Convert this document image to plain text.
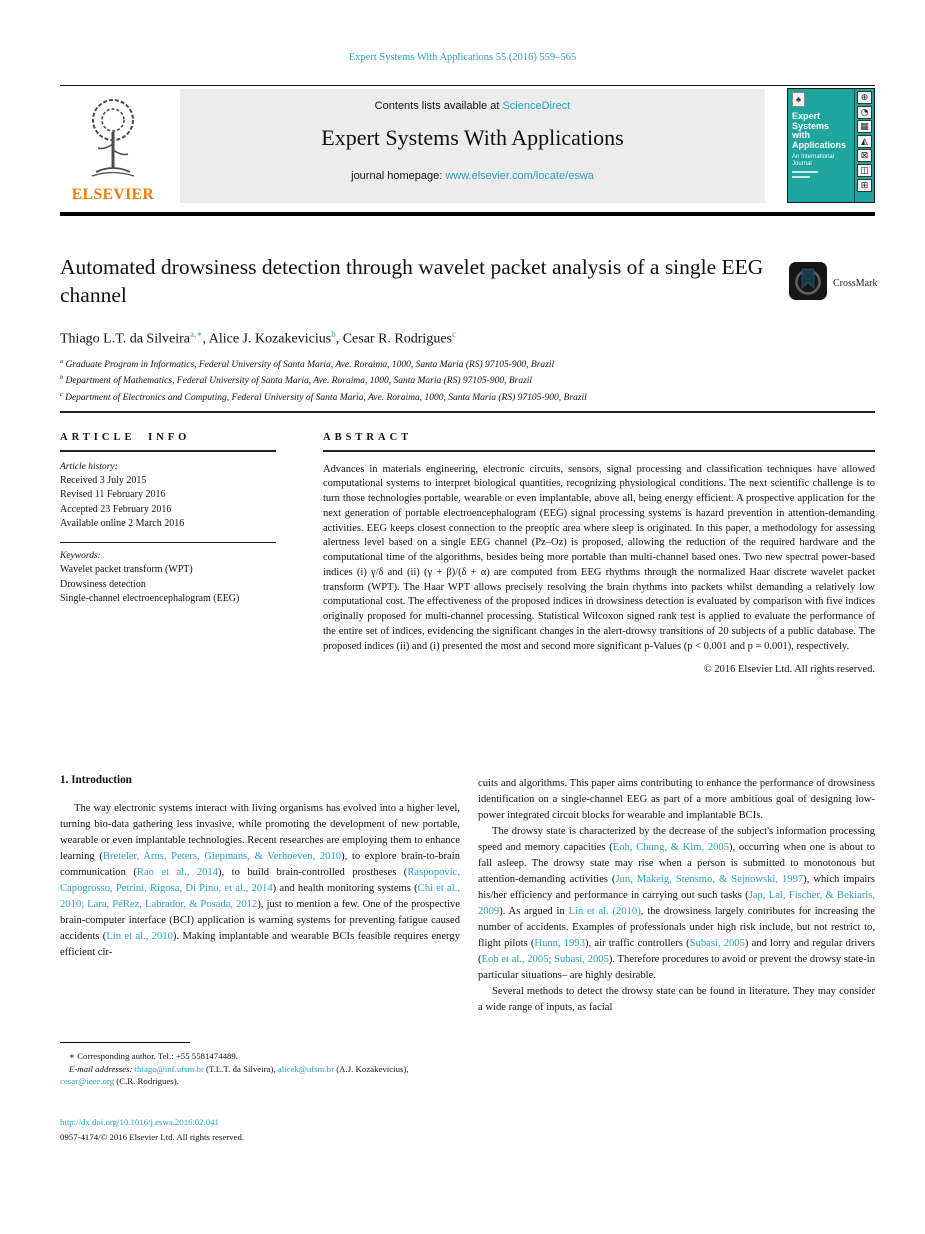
Expert Systems With Applications 55 (2016) 559–565
ELSEVIER
Contents lists available at ScienceDirect
Expert Systems With Applications
journal homepage: www.elsevier.com/locate/eswa
♣
Expert
Systems
with
Applications
An International Journal
⊕
◔
▦
◭
⊠
◫
⊞
Automated drowsiness detection through wavelet packet analysis of a single EEG channel	CrossMark
Thiago L.T. da Silveira$^{a,∗}$, Alice J. Kozakevicius$^b$, Cesar R. Rodrigues$^c$
$^a$ Graduate Program in Informatics, Federal University of Santa Maria, Ave. Roraima, 1000, Santa Maria (RS) 97105-900, Brazil
$^b$ Department of Mathematics, Federal University of Santa Maria, Ave. Roraima, 1000, Santa Maria (RS) 97105-900, Brazil
$^c$ Department of Electronics and Computing, Federal University of Santa Maria, Ave. Roraima, 1000, Santa Maria (RS) 97105-900, Brazil
ARTICLE INFO
Article history:
Received 3 July 2015
Revised 11 February 2016
Accepted 23 February 2016
Available online 2 March 2016
Keywords:
Wavelet packet transform (WPT)
Drowsiness detection
Single-channel electroencephalogram (EEG)
ABSTRACT
Advances in materials engineering, electronic circuits, sensors, signal processing and classification techniques have allowed computational systems to interpret biological quantities, recognizing physiological conditions. The next scientific challenge is to turn those technologies portable, wearable or even implantable, above all, being energy efficient. A prospective application for the next generation of portable electroencephalogram (EEG) signal processing systems is hazard prevention in attention-demanding activities. EEG keeps closest connection to the preoptic area where sleep is originated. In this paper, a methodology for assessing alertness level based on a single EEG channel (Pz–Oz) is proposed, allowing the reduction of the required hardware and the computational time of the algorithms, besides being more portable than multi-channel based ones. Two new spectral power-based indices (i) γ/δ and (ii) (γ + β)/(δ + α) are computed from EEG rhythms through the normalized Haar discrete wavelet packet transform (WPT). The Haar WPT allows precisely resolving the brain rhythms into packets whilst demanding a relatively low computational cost. The effectiveness of the proposed indices in drowsiness detection is evaluated by comparison with five indices originally proposed for multi-channel processing. Statistical Wilcoxon signed rank test is applied to evaluate the performance of the entire set of indices, evidencing the significant changes in the alert-drowsy transitions of 20 subjects of a public database. The proposed indices (ii) and (i) presented the most and second more significant p-Values (p < 0.001 and p = 0.001), respectively.
© 2016 Elsevier Ltd. All rights reserved.
1. Introduction

The way electronic systems interact with living organisms has evolved into a higher level, turning bio-data gathering less invasive, while promoting the development of new portable, wearable or even implantable technologies. Recent researches are employing them to enhance learning (Breteler, Arns, Peters, Giepmans, & Verhoeven, 2010), to explore brain-to-brain communication (Rao et al., 2014), to build brain-controlled prostheses (Raspopovic, Capogrosso, Petrini, Rigosa, Di Pino, et al., 2014) and health monitoring systems (Chi et al., 2010; Lara, PéRez, Labrador, & Posada, 2012), just to mention a few. One of the prospective brain-computer interface (BCI) application is warning systems for preventing fatigue caused accidents (Lin et al., 2010). Making implantable and wearable BCIs feasible requires energy efficient cir-

cuits and algorithms. This paper aims contributing to enhance the performance of drowsiness identification on a single-channel EEG as part of a more ambitious goal of designing low-power integrated circuit blocks for wearable and implantable BCIs.

The drowsy state is characterized by the decrease of the subject's information processing speed and memory capacities (Eoh, Chung, & Kim, 2005), occurring when one is about to fall asleep. The drowsy state may rise when a person is submitted to monotonous but attention-demanding activities (Jun, Makeig, Stensmo, & Sejnowski, 1997), which impairs his/her efficiency and performance in carrying out such tasks (Jap, Lal, Fischer, & Bekiaris, 2009). As argued in Lin et al. (2010), the drowsiness largely contributes for increasing the number of accidents. Examples of professionals under high risk include, but not restrict to, flight pilots (Hunn, 1993), air traffic controllers (Subasi, 2005) and lorry and regular drivers (Eoh et al., 2005; Subasi, 2005). Therefore procedures to avoid or prevent the drowsy state-in particular situations– are highly desirable.

Several methods to detect the drowsy state can be found in literature. They may consider a wide range of inputs, as facial

∗ Corresponding author. Tel.: +55 5581474489.
E-mail addresses: thiago@inf.ufsm.br (T.L.T. da Silveira), alicek@ufsm.br (A.J. Kozakevicius), cesar@ieee.org (C.R. Rodrigues).
http://dx.doi.org/10.1016/j.eswa.2016.02.041
0957-4174/© 2016 Elsevier Ltd. All rights reserved.
